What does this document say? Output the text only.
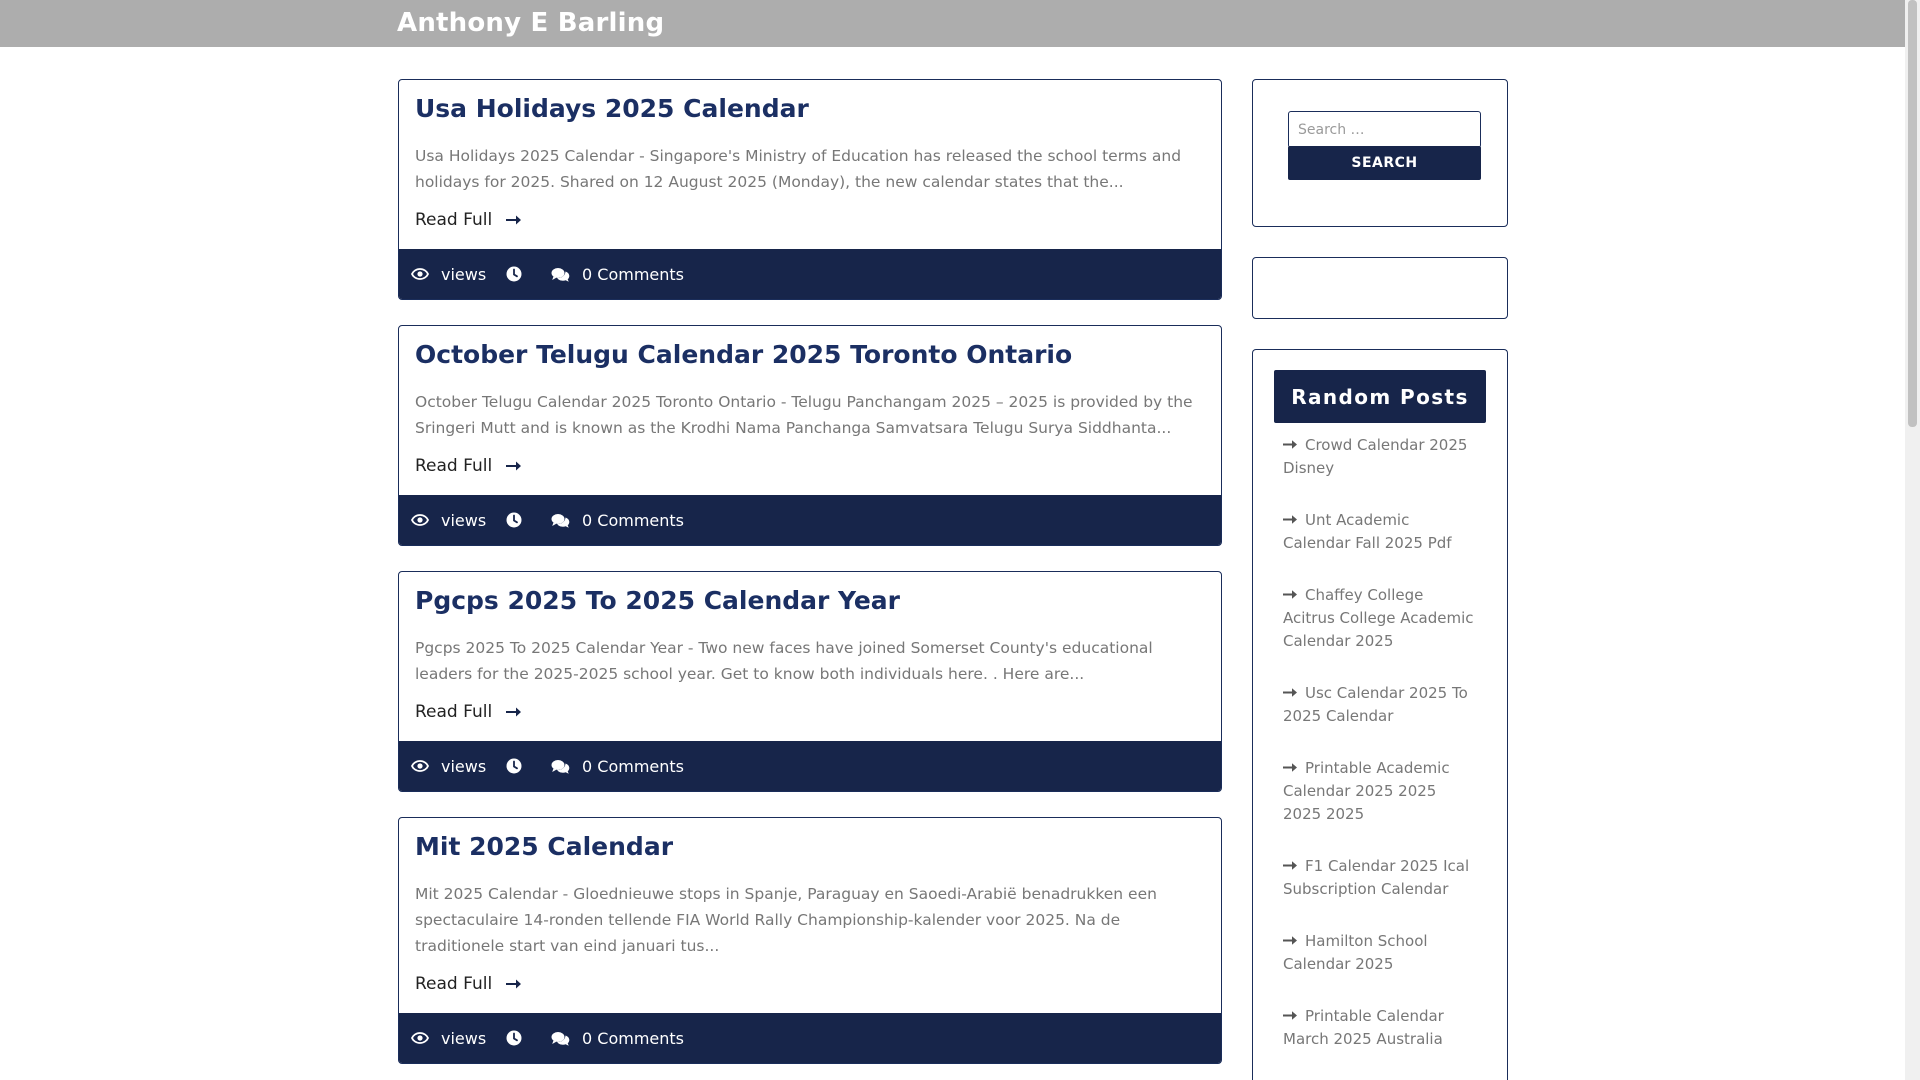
Anthony E Barling
Usa Holidays 2025 Calendar

Usa Holidays 2025 Calendar - Singapore's Ministry of Education has released the school terms and holidays for 2025. Shared on 12 August 2025 (Monday), the new calendar states that the...

Read Full
views	0 Comments
October Telugu Calendar 2025 Toronto Ontario

October Telugu Calendar 2025 Toronto Ontario - Telugu Panchangam 2025 – 2025 is provided by the Sringeri Mutt and is known as the Krodhi Nama Panchanga Samvatsara Telugu Surya Siddhanta...

Read Full
views	0 Comments
Pgcps 2025 To 2025 Calendar Year

Pgcps 2025 To 2025 Calendar Year - Two new faces have joined Somerset County's educational leaders for the 2025-2025 school year. Get to know both individuals here. . Here are...

Read Full
views	0 Comments
Mit 2025 Calendar

Mit 2025 Calendar - Gloednieuwe stops in Spanje, Paraguay en Saoedi-Arabië benadrukken een spectaculaire 14-ronden tellende FIA World Rally Championship-kalender voor 2025. Na de traditionele start van eind januari tus...

Read Full
views	0 Comments
Search …
SEARCH
Random Posts
Crowd Calendar 2025 Disney
Unt Academic Calendar Fall 2025 Pdf
Chaffey College Acitrus College Academic Calendar 2025
Usc Calendar 2025 To 2025 Calendar
Printable Academic Calendar 2025 2025 2025 2025
F1 Calendar 2025 Ical Subscription Calendar
Hamilton School Calendar 2025
Printable Calendar March 2025 Australia
